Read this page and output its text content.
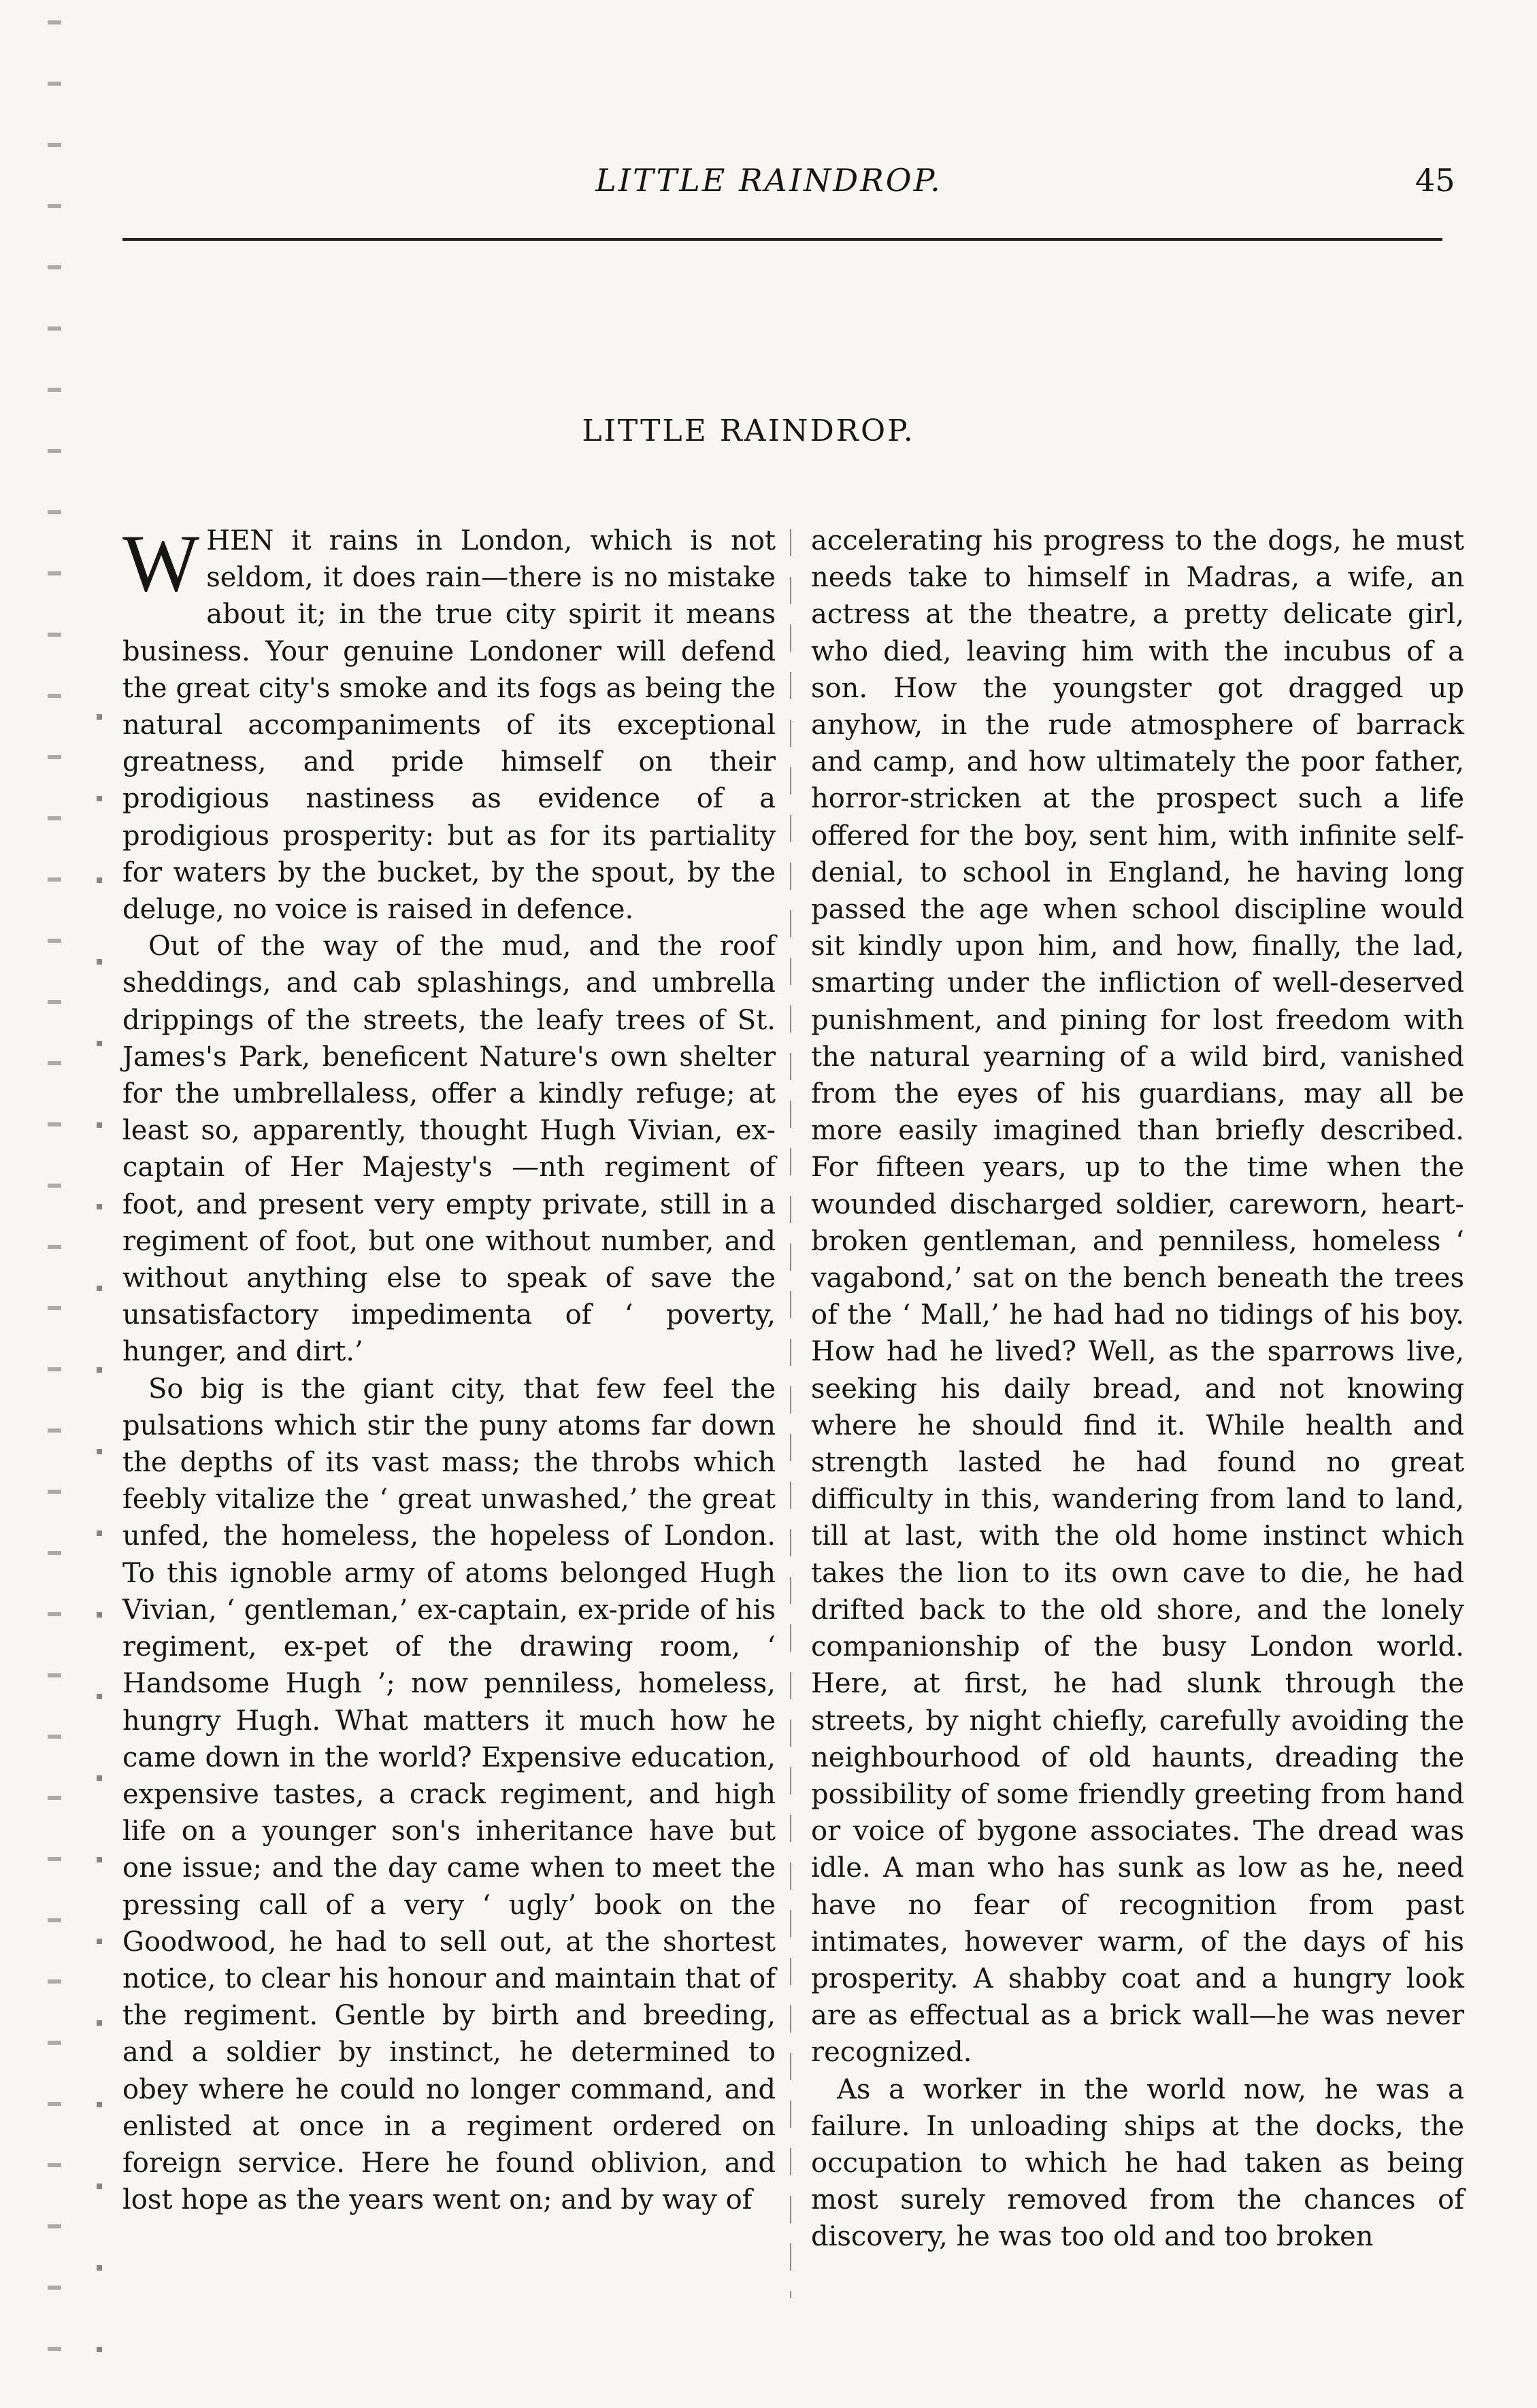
LITTLE RAINDROP.	45
LITTLE RAINDROP.

WHEN it rains in London, which is not seldom, it does rain—there is no mistake about it; in the true city spirit it means business. Your genuine Londoner will defend the great city's smoke and its fogs as being the natural accompaniments of its exceptional greatness, and pride himself on their prodigious nastiness as evidence of a prodigious prosperity: but as for its partiality for waters by the bucket, by the spout, by the deluge, no voice is raised in defence.

Out of the way of the mud, and the roof sheddings, and cab splashings, and umbrella drippings of the streets, the leafy trees of St. James's Park, beneficent Nature's own shelter for the umbrellaless, offer a kindly refuge; at least so, apparently, thought Hugh Vivian, ex-captain of Her Majesty's —nth regiment of foot, and present very empty private, still in a regiment of foot, but one without number, and without anything else to speak of save the unsatisfactory impedimenta of ‘ poverty, hunger, and dirt.’

So big is the giant city, that few feel the pulsations which stir the puny atoms far down the depths of its vast mass; the throbs which feebly vitalize the ‘ great unwashed,’ the great unfed, the homeless, the hopeless of London. To this ignoble army of atoms belonged Hugh Vivian, ‘ gentleman,’ ex-captain, ex-pride of his regiment, ex-pet of the drawing room, ‘ Handsome Hugh ’; now penniless, homeless, hungry Hugh. What matters it much how he came down in the world? Expensive education, expensive tastes, a crack regiment, and high life on a younger son's inheritance have but one issue; and the day came when to meet the pressing call of a very ‘ ugly’ book on the Goodwood, he had to sell out, at the shortest notice, to clear his honour and maintain that of the regiment. Gentle by birth and breeding, and a soldier by instinct, he determined to obey where he could no longer command, and enlisted at once in a regiment ordered on foreign service. Here he found oblivion, and lost hope as the years went on; and by way of

accelerating his progress to the dogs, he must needs take to himself in Madras, a wife, an actress at the theatre, a pretty delicate girl, who died, leaving him with the incubus of a son. How the youngster got dragged up anyhow, in the rude atmosphere of barrack and camp, and how ultimately the poor father, horror-stricken at the prospect such a life offered for the boy, sent him, with infinite self-denial, to school in England, he having long passed the age when school discipline would sit kindly upon him, and how, finally, the lad, smarting under the infliction of well-deserved punishment, and pining for lost freedom with the natural yearning of a wild bird, vanished from the eyes of his guardians, may all be more easily imagined than briefly described. For fifteen years, up to the time when the wounded discharged soldier, careworn, heart-broken gentleman, and penniless, homeless ‘ vagabond,’ sat on the bench beneath the trees of the ‘ Mall,’ he had had no tidings of his boy. How had he lived? Well, as the sparrows live, seeking his daily bread, and not knowing where he should find it. While health and strength lasted he had found no great difficulty in this, wandering from land to land, till at last, with the old home instinct which takes the lion to its own cave to die, he had drifted back to the old shore, and the lonely companionship of the busy London world. Here, at first, he had slunk through the streets, by night chiefly, carefully avoiding the neighbourhood of old haunts, dreading the possibility of some friendly greeting from hand or voice of bygone associates. The dread was idle. A man who has sunk as low as he, need have no fear of recognition from past intimates, however warm, of the days of his prosperity. A shabby coat and a hungry look are as effectual as a brick wall—he was never recognized.

As a worker in the world now, he was a failure. In unloading ships at the docks, the occupation to which he had taken as being most surely removed from the chances of discovery, he was too old and too broken
